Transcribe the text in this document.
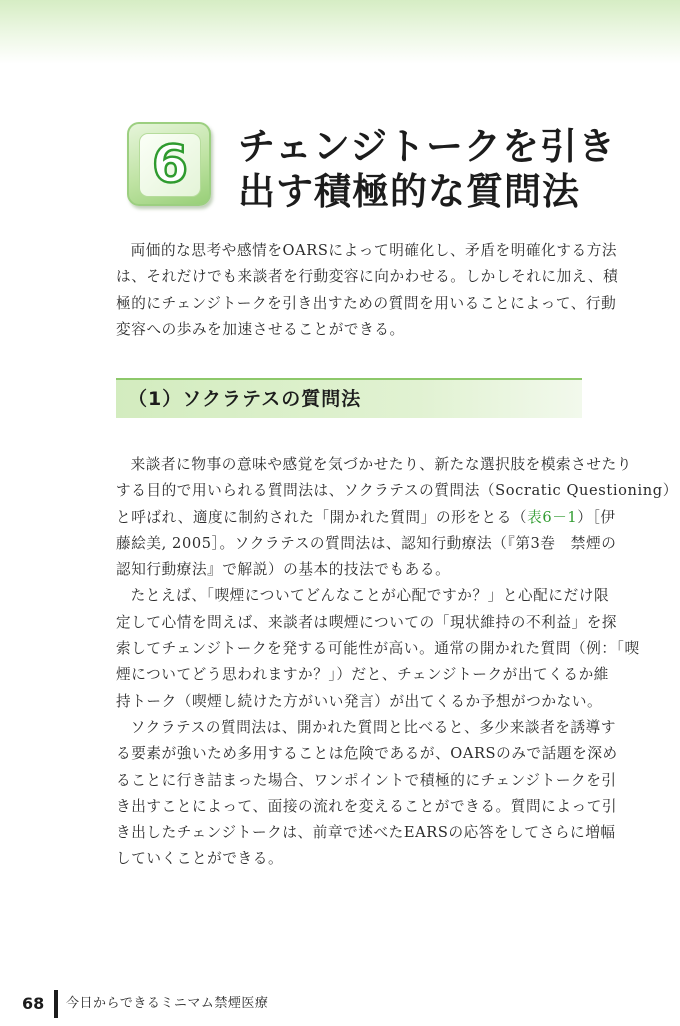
6	チェンジトークを引き
出す積極的な質問法
両価的な思考や感情をOARSによって明確化し、矛盾を明確化する方法
は、それだけでも来談者を行動変容に向かわせる。しかしそれに加え、積
極的にチェンジトークを引き出すための質問を用いることによって、行動
変容への歩みを加速させることができる。
（1）ソクラテスの質問法
来談者に物事の意味や感覚を気づかせたり、新たな選択肢を模索させたり
する目的で用いられる質問法は、ソクラテスの質問法（Socratic Questioning）
と呼ばれ、適度に制約された「開かれた質問」の形をとる（表6－1）［伊
藤絵美, 2005］。ソクラテスの質問法は、認知行動療法（『第3巻　禁煙の
認知行動療法』で解説）の基本的技法でもある。
たとえば、「喫煙についてどんなことが心配ですか？」と心配にだけ限
定して心情を問えば、来談者は喫煙についての「現状維持の不利益」を探
索してチェンジトークを発する可能性が高い。通常の開かれた質問（例：「喫
煙についてどう思われますか？」）だと、チェンジトークが出てくるか維
持トーク（喫煙し続けた方がいい発言）が出てくるか予想がつかない。
ソクラテスの質問法は、開かれた質問と比べると、多少来談者を誘導す
る要素が強いため多用することは危険であるが、OARSのみで話題を深め
ることに行き詰まった場合、ワンポイントで積極的にチェンジトークを引
き出すことによって、面接の流れを変えることができる。質問によって引
き出したチェンジトークは、前章で述べたEARSの応答をしてさらに増幅
していくことができる。
68 今日からできるミニマム禁煙医療
